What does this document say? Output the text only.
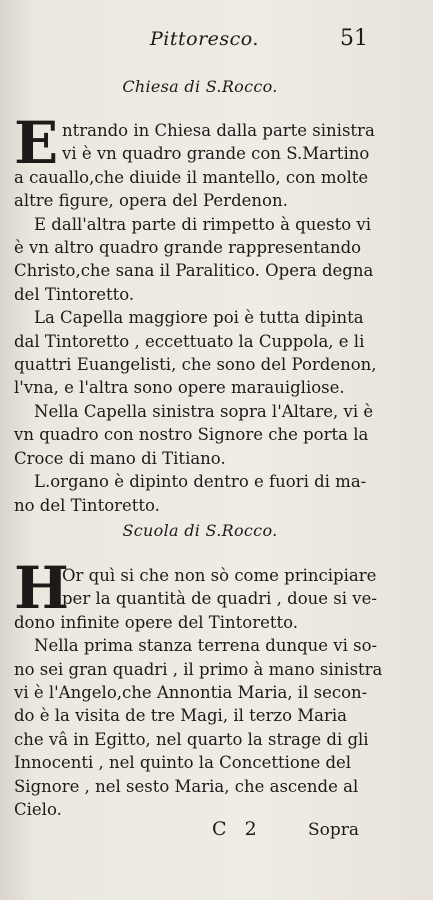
Pittoresco.	51
Chiesa di S.Rocco.
E ntrando in Chiesa dalla parte sinistra
vi è vn quadro grande con S.Martino
a cauallo,che diuide il mantello, con molte
altre figure, opera del Perdenon.
E dall'altra parte di rimpetto à questo vi
è vn altro quadro grande rappresentando
Christo,che sana il Paralitico. Opera degna
del Tintoretto.
La Capella maggiore poi è tutta dipinta
dal Tintoretto , eccettuato la Cuppola, e li
quattri Euangelisti, che sono del Pordenon,
l'vna, e l'altra sono opere marauigliose.
Nella Capella sinistra sopra l'Altare, vi è
vn quadro con nostro Signore che porta la
Croce di mano di Titiano.
L.organo è dipinto dentro e fuori di ma-
no del Tintoretto.
Scuola di S.Rocco.
H
Or quì si che non sò come principiare
per la quantità de quadri , doue si ve-
dono infinite opere del Tintoretto.
Nella prima stanza terrena dunque vi so-
no sei gran quadri , il primo à mano sinistra
vi è l'Angelo,che Annontia Maria, il secon-
do è la visita de tre Magi, il terzo Maria
che vâ in Egitto, nel quarto la strage di gli
Innocenti , nel quinto la Concettione del
Signore , nel sesto Maria, che ascende al
Cielo.
C 2	Sopra
